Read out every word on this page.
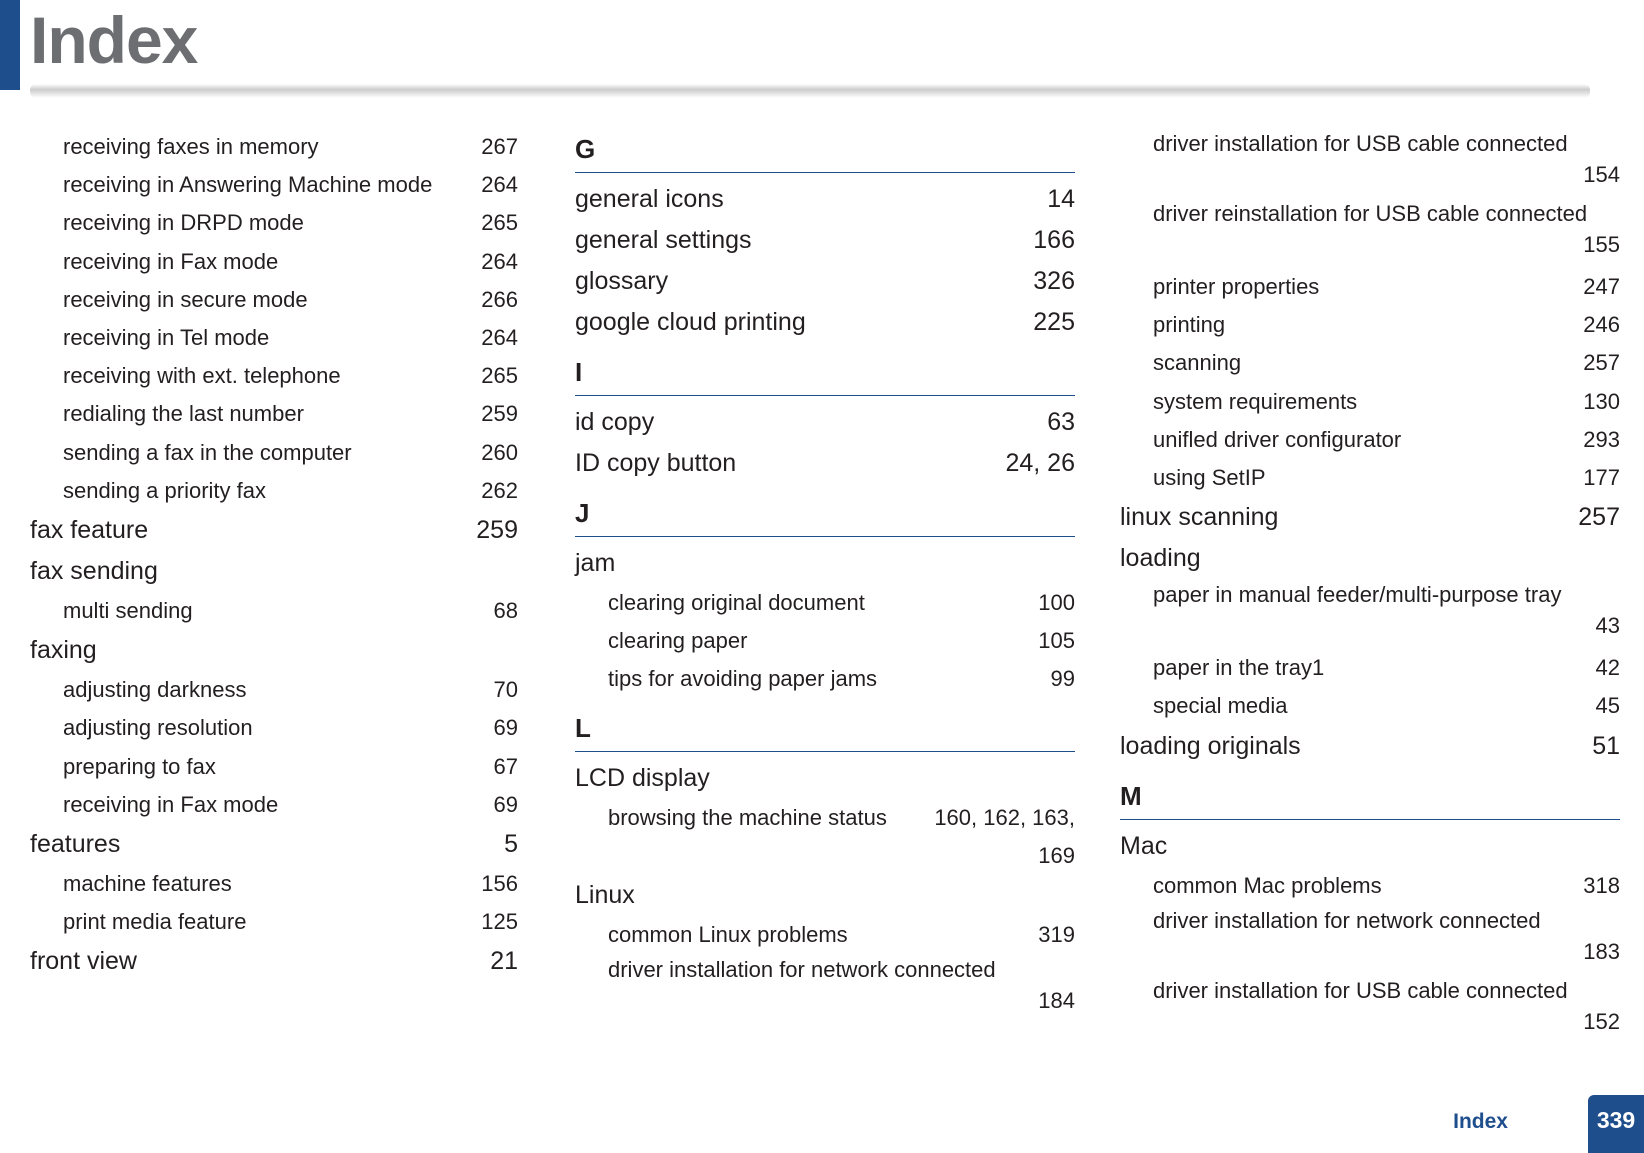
Index
receiving faxes in memory	267
receiving in Answering Machine mode	264
receiving in DRPD mode	265
receiving in Fax mode	264
receiving in secure mode	266
receiving in Tel mode	264
receiving with ext. telephone	265
redialing the last number	259
sending a fax in the computer	260
sending a priority fax	262
fax feature	259
fax sending
multi sending	68
faxing
adjusting darkness	70
adjusting resolution	69
preparing to fax	67
receiving in Fax mode	69
features	5
machine features	156
print media feature	125
front view	21
G
general icons	14
general settings	166
glossary	326
google cloud printing	225
I
id copy	63
ID copy button	24, 26
J
jam
clearing original document	100
clearing paper	105
tips for avoiding paper jams	99
L
LCD display
browsing the machine status	160, 162, 163, 169
Linux
common Linux problems	319
driver installation for network connected
184
driver installation for USB cable connected
154
driver reinstallation for USB cable connected
155
printer properties	247
printing	246
scanning	257
system requirements	130
unifled driver configurator	293
using SetIP	177
linux scanning	257
loading
paper in manual feeder/multi-purpose tray
43
paper in the tray1	42
special media	45
loading originals	51
M
Mac
common Mac problems	318
driver installation for network connected
183
driver installation for USB cable connected
152
Index	339
